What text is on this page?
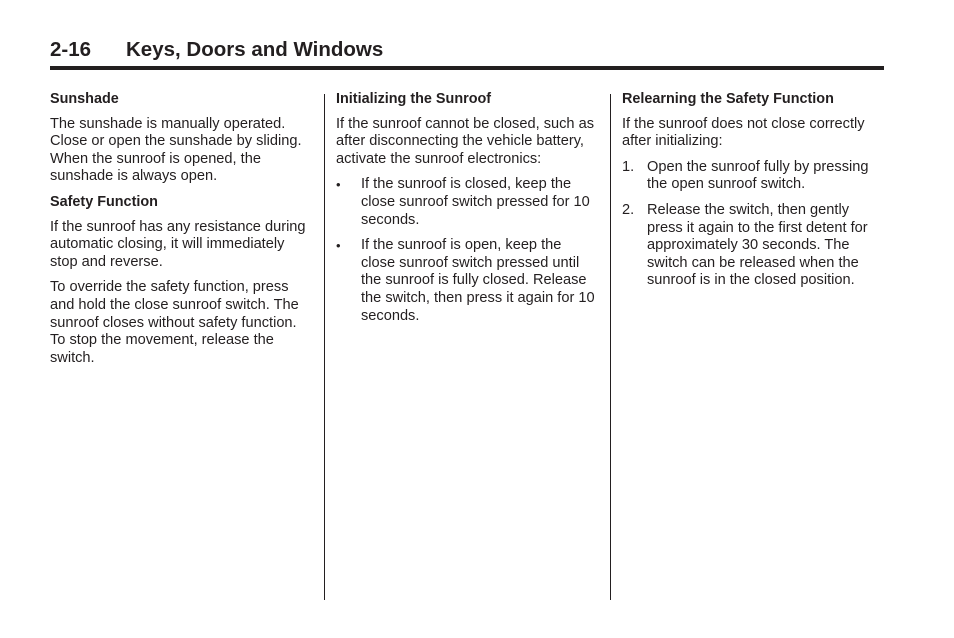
2-16 Keys, Doors and Windows
Sunshade

The sunshade is manually operated. Close or open the sunshade by sliding. When the sunroof is opened, the sunshade is always open.

Safety Function

If the sunroof has any resistance during automatic closing, it will immediately stop and reverse.

To override the safety function, press and hold the close sunroof switch. The sunroof closes without safety function. To stop the movement, release the switch.

Initializing the Sunroof

If the sunroof cannot be closed, such as after disconnecting the vehicle battery, activate the sunroof electronics:

• If the sunroof is closed, keep the close sunroof switch pressed for 10 seconds.
• If the sunroof is open, keep the close sunroof switch pressed until the sunroof is fully closed. Release the switch, then press it again for 10 seconds.
Relearning the Safety Function

If the sunroof does not close correctly after initializing:

1. Open the sunroof fully by pressing the open sunroof switch.
2. Release the switch, then gently press it again to the first detent for approximately 30 seconds. The switch can be released when the sunroof is in the closed position.
